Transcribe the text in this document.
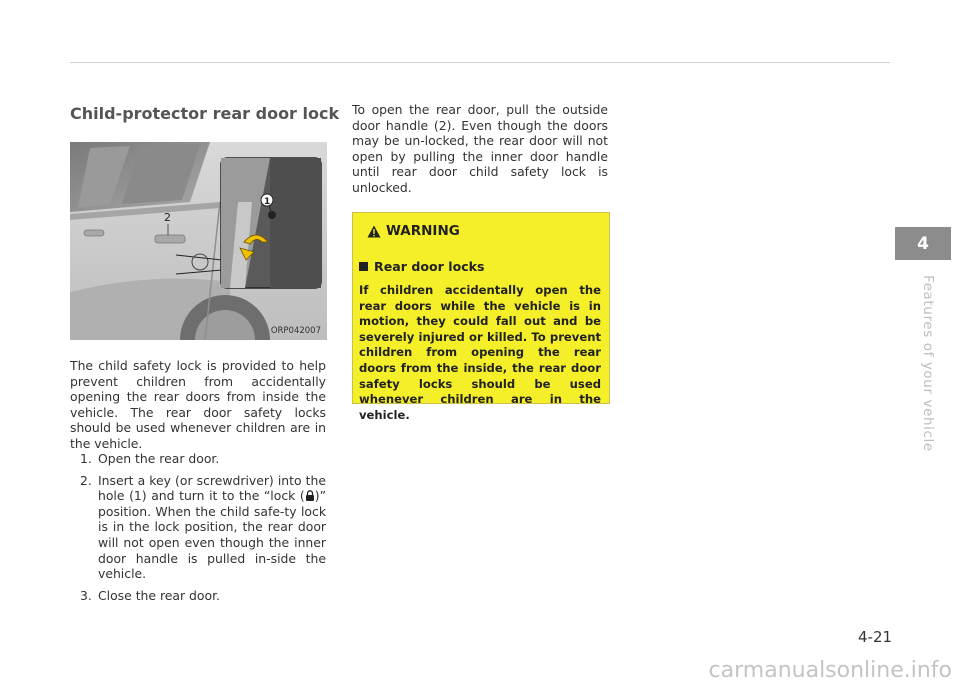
Child-protector rear door lock
2
1
ORP042007

The child safety lock is provided to help prevent children from accidentally opening the rear doors from inside the vehicle. The rear door safety locks should be used whenever children are in the vehicle.

1. Open the rear door.
2. Insert a key (or screwdriver) into the hole (1) and turn it to the “lock ( )” position. When the child safe-ty lock is in the lock position, the rear door will not open even though the inner door handle is pulled in-side the vehicle.
3. Close the rear door.

To open the rear door, pull the outside door handle (2). Even though the doors may be un-locked, the rear door will not open by pulling the inner door handle until rear door child safety lock is unlocked.

WARNING
Rear door locks

If children accidentally open the rear doors while the vehicle is in motion, they could fall out and be severely injured or killed. To prevent children from opening the rear doors from the inside, the rear door safety locks should be used whenever children are in the vehicle.

4
Features of your vehicle
4-21
carmanualsonline.info
